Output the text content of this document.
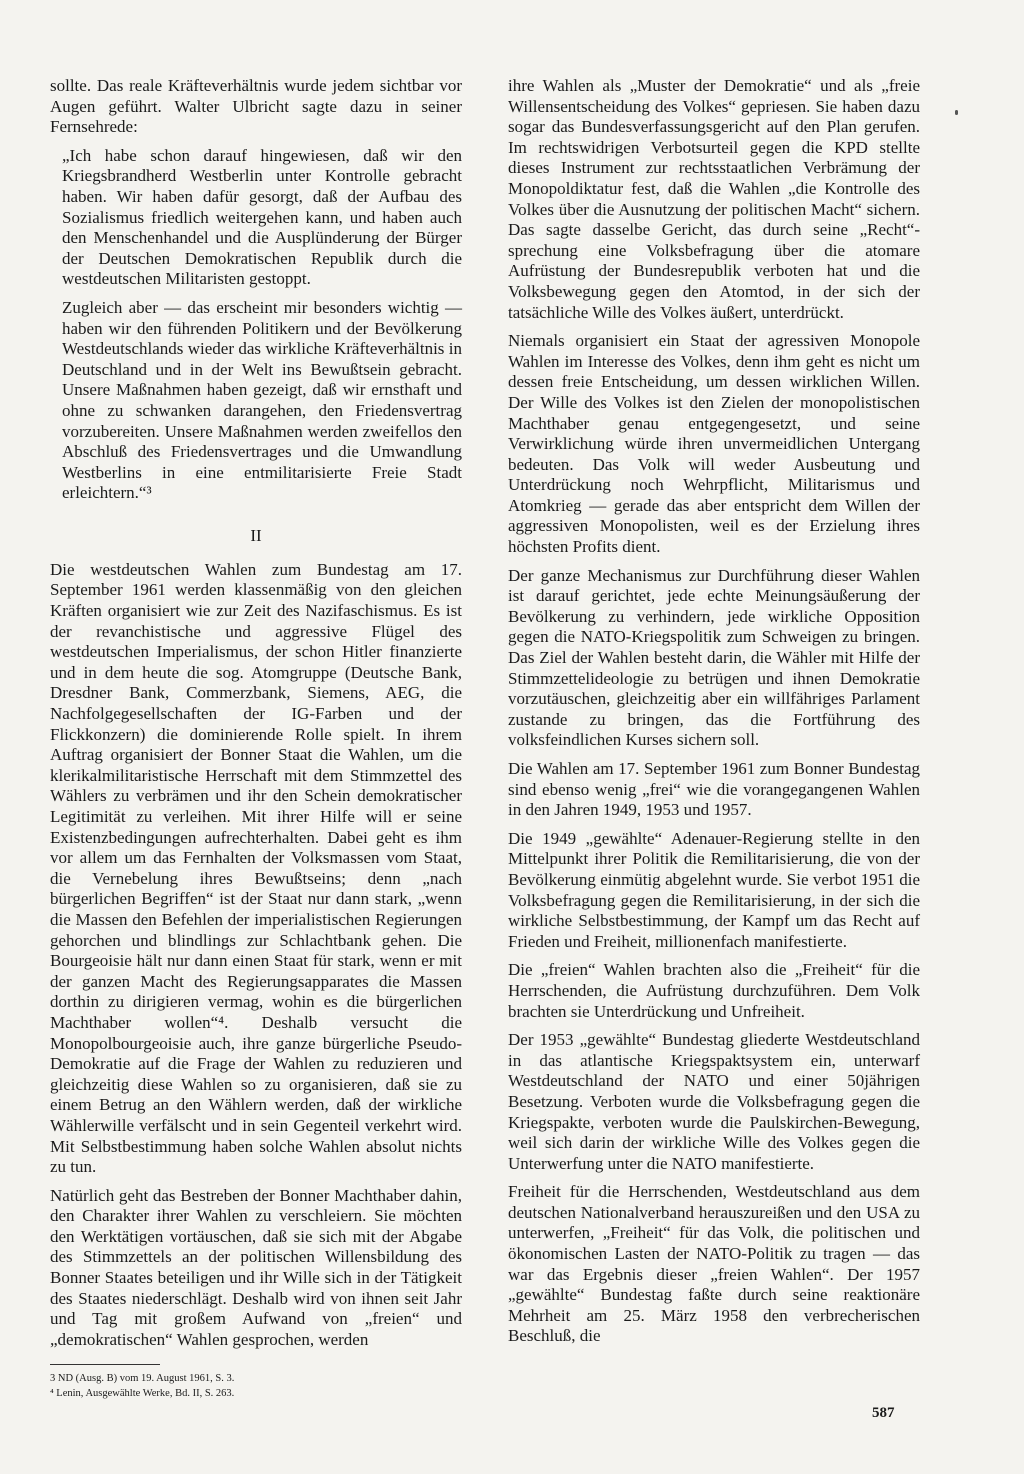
sollte. Das reale Kräfteverhältnis wurde jedem sichtbar vor Augen geführt. Walter Ulbricht sagte dazu in seiner Fernsehrede:

„Ich habe schon darauf hingewiesen, daß wir den Kriegsbrandherd Westberlin unter Kontrolle gebracht haben. Wir haben dafür gesorgt, daß der Aufbau des Sozialismus friedlich weitergehen kann, und haben auch den Menschenhandel und die Ausplünderung der Bürger der Deutschen Demokratischen Republik durch die westdeutschen Militaristen gestoppt.

Zugleich aber — das erscheint mir besonders wichtig — haben wir den führenden Politikern und der Bevölkerung Westdeutschlands wieder das wirkliche Kräfteverhältnis in Deutschland und in der Welt ins Bewußtsein gebracht. Unsere Maßnahmen haben gezeigt, daß wir ernsthaft und ohne zu schwanken darangehen, den Friedensvertrag vorzubereiten. Unsere Maßnahmen werden zweifellos den Abschluß des Friedensvertrages und die Umwandlung Westberlins in eine entmilitarisierte Freie Stadt erleichtern.“³

II

Die westdeutschen Wahlen zum Bundestag am 17. September 1961 werden klassenmäßig von den gleichen Kräften organisiert wie zur Zeit des Nazifaschismus. Es ist der revanchistische und aggressive Flügel des westdeutschen Imperialismus, der schon Hitler finanzierte und in dem heute die sog. Atomgruppe (Deutsche Bank, Dresdner Bank, Commerzbank, Siemens, AEG, die Nachfolgegesellschaften der IG-Farben und der Flickkonzern) die dominierende Rolle spielt. In ihrem Auftrag organisiert der Bonner Staat die Wahlen, um die klerikalmilitaristische Herrschaft mit dem Stimmzettel des Wählers zu verbrämen und ihr den Schein demokratischer Legitimität zu verleihen. Mit ihrer Hilfe will er seine Existenzbedingungen aufrechterhalten. Dabei geht es ihm vor allem um das Fernhalten der Volksmassen vom Staat, die Vernebelung ihres Bewußtseins; denn „nach bürgerlichen Begriffen“ ist der Staat nur dann stark, „wenn die Massen den Befehlen der imperialistischen Regierungen gehorchen und blindlings zur Schlachtbank gehen. Die Bourgeoisie hält nur dann einen Staat für stark, wenn er mit der ganzen Macht des Regierungsapparates die Massen dorthin zu dirigieren vermag, wohin es die bürgerlichen Machthaber wollen“⁴. Deshalb versucht die Monopolbourgeoisie auch, ihre ganze bürgerliche Pseudo-Demokratie auf die Frage der Wahlen zu reduzieren und gleichzeitig diese Wahlen so zu organisieren, daß sie zu einem Betrug an den Wählern werden, daß der wirkliche Wählerwille verfälscht und in sein Gegenteil verkehrt wird. Mit Selbstbestimmung haben solche Wahlen absolut nichts zu tun.

Natürlich geht das Bestreben der Bonner Machthaber dahin, den Charakter ihrer Wahlen zu verschleiern. Sie möchten den Werktätigen vortäuschen, daß sie sich mit der Abgabe des Stimmzettels an der politischen Willensbildung des Bonner Staates beteiligen und ihr Wille sich in der Tätigkeit des Staates niederschlägt. Deshalb wird von ihnen seit Jahr und Tag mit großem Aufwand von „freien“ und „demokratischen“ Wahlen gesprochen, werden

3 ND (Ausg. B) vom 19. August 1961, S. 3.

⁴ Lenin, Ausgewählte Werke, Bd. II, S. 263.

ihre Wahlen als „Muster der Demokratie“ und als „freie Willensentscheidung des Volkes“ gepriesen. Sie haben dazu sogar das Bundesverfassungsgericht auf den Plan gerufen. Im rechtswidrigen Verbotsurteil gegen die KPD stellte dieses Instrument zur rechtsstaatlichen Verbrämung der Monopoldiktatur fest, daß die Wahlen „die Kontrolle des Volkes über die Ausnutzung der politischen Macht“ sichern. Das sagte dasselbe Gericht, das durch seine „Recht“-sprechung eine Volksbefragung über die atomare Aufrüstung der Bundesrepublik verboten hat und die Volksbewegung gegen den Atomtod, in der sich der tatsächliche Wille des Volkes äußert, unterdrückt.

Niemals organisiert ein Staat der agressiven Monopole Wahlen im Interesse des Volkes, denn ihm geht es nicht um dessen freie Entscheidung, um dessen wirklichen Willen. Der Wille des Volkes ist den Zielen der monopolistischen Machthaber genau entgegengesetzt, und seine Verwirklichung würde ihren unvermeidlichen Untergang bedeuten. Das Volk will weder Ausbeutung und Unterdrückung noch Wehrpflicht, Militarismus und Atomkrieg — gerade das aber entspricht dem Willen der aggressiven Monopolisten, weil es der Erzielung ihres höchsten Profits dient.

Der ganze Mechanismus zur Durchführung dieser Wahlen ist darauf gerichtet, jede echte Meinungsäußerung der Bevölkerung zu verhindern, jede wirkliche Opposition gegen die NATO-Kriegspolitik zum Schweigen zu bringen. Das Ziel der Wahlen besteht darin, die Wähler mit Hilfe der Stimmzettelideologie zu betrügen und ihnen Demokratie vorzutäuschen, gleichzeitig aber ein willfähriges Parlament zustande zu bringen, das die Fortführung des volksfeindlichen Kurses sichern soll.

Die Wahlen am 17. September 1961 zum Bonner Bundestag sind ebenso wenig „frei“ wie die vorangegangenen Wahlen in den Jahren 1949, 1953 und 1957.

Die 1949 „gewählte“ Adenauer-Regierung stellte in den Mittelpunkt ihrer Politik die Remilitarisierung, die von der Bevölkerung einmütig abgelehnt wurde. Sie verbot 1951 die Volksbefragung gegen die Remilitarisierung, in der sich die wirkliche Selbstbestimmung, der Kampf um das Recht auf Frieden und Freiheit, millionenfach manifestierte.

Die „freien“ Wahlen brachten also die „Freiheit“ für die Herrschenden, die Aufrüstung durchzuführen. Dem Volk brachten sie Unterdrückung und Unfreiheit.

Der 1953 „gewählte“ Bundestag gliederte Westdeutschland in das atlantische Kriegspaktsystem ein, unterwarf Westdeutschland der NATO und einer 50jährigen Besetzung. Verboten wurde die Volksbefragung gegen die Kriegspakte, verboten wurde die Paulskirchen-Bewegung, weil sich darin der wirkliche Wille des Volkes gegen die Unterwerfung unter die NATO manifestierte.

Freiheit für die Herrschenden, Westdeutschland aus dem deutschen Nationalverband herauszureißen und den USA zu unterwerfen, „Freiheit“ für das Volk, die politischen und ökonomischen Lasten der NATO-Politik zu tragen — das war das Ergebnis dieser „freien Wahlen“. Der 1957 „gewählte“ Bundestag faßte durch seine reaktionäre Mehrheit am 25. März 1958 den verbrecherischen Beschluß, die

587
